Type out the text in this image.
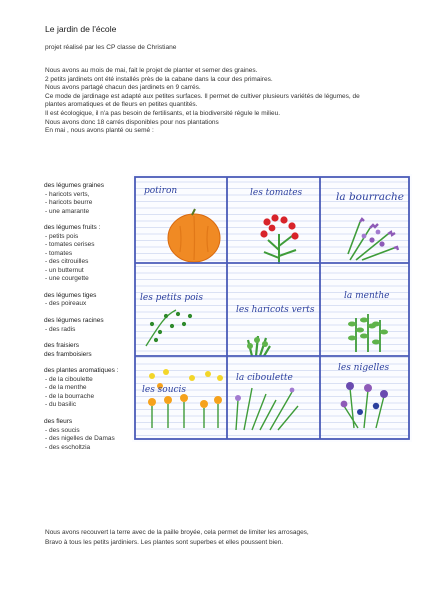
Le jardin de l'école
projet réalisé par les CP classe de Christiane

Nous avons au mois de mai, fait le projet de planter et semer des graines.

2 petits jardinets ont été installés près de la cabane dans la cour des primaires.

Nous avons partagé chacun des jardinets en 9 carrés.

Ce mode de jardinage est adapté aux petites surfaces. Il permet de cultiver plusieurs variétés de légumes, de plantes aromatiques et de fleurs en petites quantités.

Il est écologique, il n'a pas besoin de fertilisants, et la biodiversité régule le milieu.

Nous avons donc 18 carrés disponibles pour nos plantations

En mai , nous avons planté ou semé :

des légumes graines
- haricots verts,
- haricots beurre
- une amarante
des légumes fruits :
- petits pois
- tomates cerises
- tomates
- des citrouilles
- un butternut
- une courgette
des légumes tiges
- des poireaux
des légumes racines
- des radis
des fraisiers
des framboisiers
des plantes aromatiques :
- de la ciboulette
- de la menthe
- de la bourrache
- du basilic
des fleurs
- des soucis
- des nigelles de Damas
- des escholtzia
potiron	les tomates	la bourrache
les petits pois
les haricots verts
la menthe
les soucis
la ciboulette
les nigelles

Nous avons recouvert la terre avec de la paille broyée, cela permet de limiter les arrosages,

Bravo à tous les petits jardiniers. Les plantes sont superbes et elles poussent bien.
